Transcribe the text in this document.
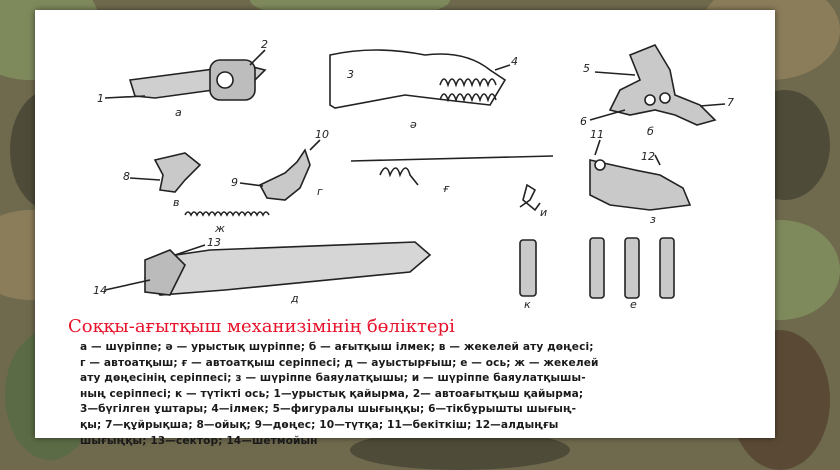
1
2
3
4
5
6
7
8	9
10	11
12
13
14
а
ә
б
в
г	ғ
ж
и
з
д	к	е
Соққы-ағытқыш механизімінің бөліктері
а — шүріппе; ә — урыстық шүріппе; б — ағытқыш ілмек; в — жекелей ату дөңесі;
г — автоатқыш; ғ — автоатқыш серіппесі; д — ауыстырғыш; е — ось; ж — жекелей
ату дөңесінің серіппесі; з — шүріппе баяулатқышы; и — шүріппе баяулатқышы-
ның серіппесі; к — түтікті ось; 1—урыстық қайырма, 2— автоағытқыш қайырма;
3—бүгілген ұштары; 4—ілмек; 5—фигуралы шығыңқы; 6—тікбұрышты шығың-
қы; 7—құйрықша; 8—ойық; 9—дөңес; 10—түтқа; 11—бекіткіш; 12—алдыңғы
шығыңқы; 13—сектор; 14—шетмойын
